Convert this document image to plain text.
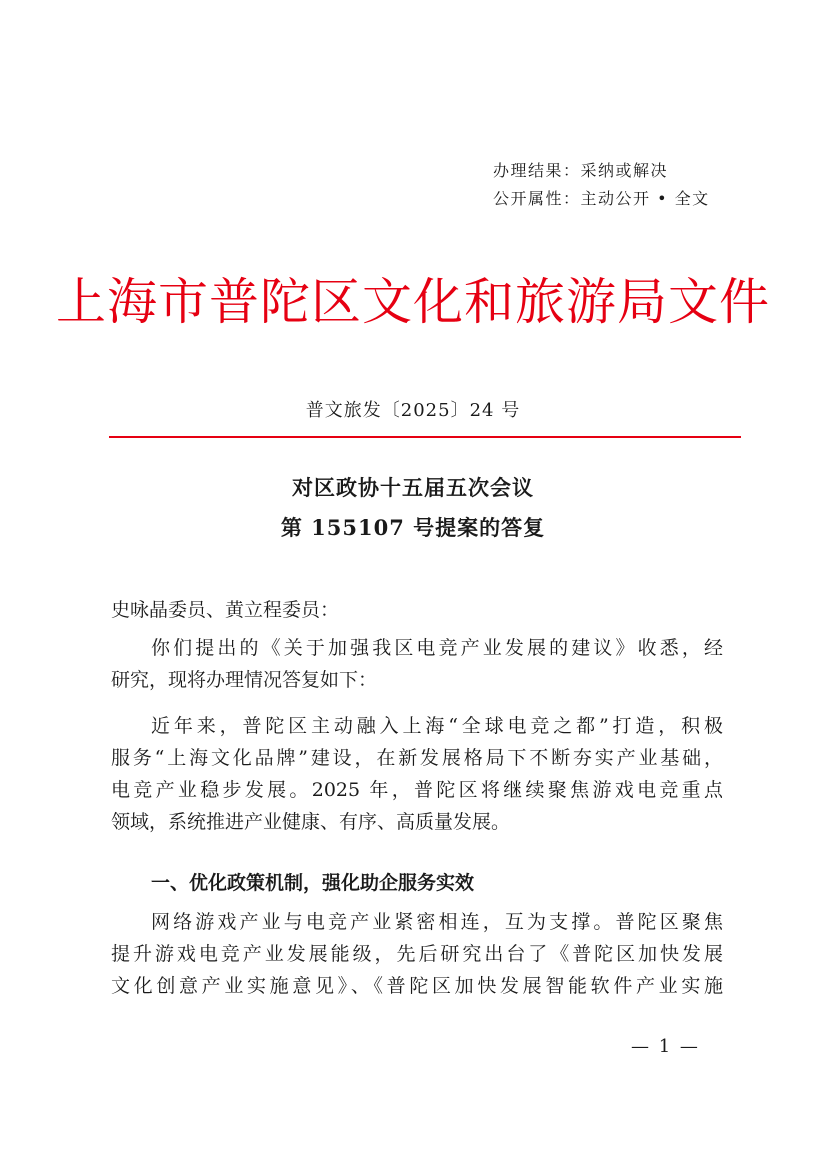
办理结果：采纳或解决
公开属性：主动公开 • 全文
上海市普陀区文化和旅游局文件
普文旅发〔2025〕24 号
对区政协十五届五次会议
第 155107 号提案的答复
史咏晶委员、黄立程委员：
你们提出的《关于加强我区电竞产业发展的建议》收悉，经
研究，现将办理情况答复如下：
近年来，普陀区主动融入上海“全球电竞之都”打造，积极
服务“上海文化品牌”建设，在新发展格局下不断夯实产业基础，
电竞产业稳步发展。2025 年，普陀区将继续聚焦游戏电竞重点
领域，系统推进产业健康、有序、高质量发展。
一、优化政策机制，强化助企服务实效
网络游戏产业与电竞产业紧密相连，互为支撑。普陀区聚焦
提升游戏电竞产业发展能级，先后研究出台了《普陀区加快发展
文化创意产业实施意见》、《普陀区加快发展智能软件产业实施
— 1 —
